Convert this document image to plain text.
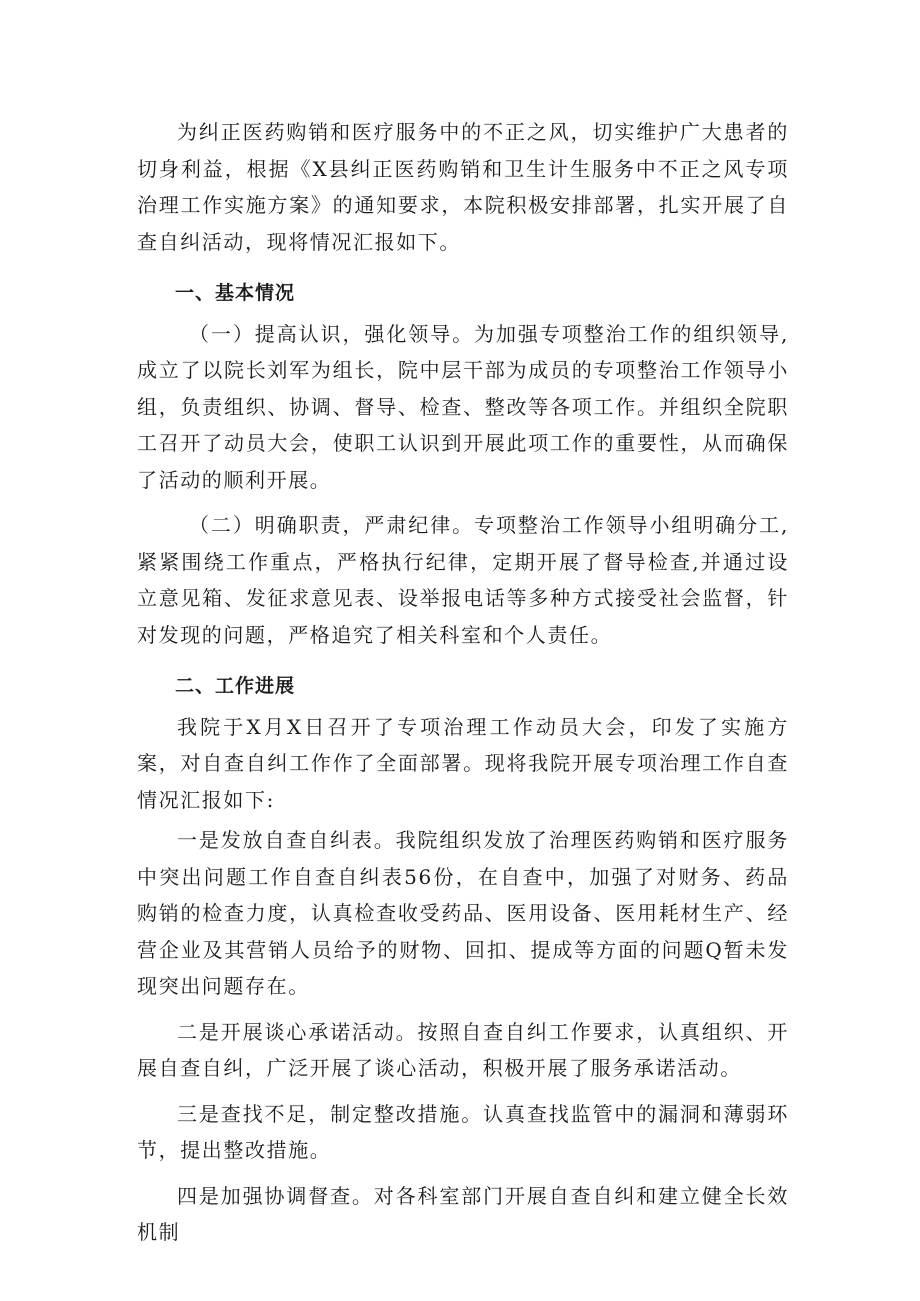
为纠正医药购销和医疗服务中的不正之风，切实维护广大患者的切身利益，根据《X县纠正医药购销和卫生计生服务中不正之风专项治理工作实施方案》的通知要求，本院积极安排部署，扎实开展了自查自纠活动，现将情况汇报如下。

一、基本情况

（一）提高认识，强化领导。为加强专项整治工作的组织领导,成立了以院长刘军为组长，院中层干部为成员的专项整治工作领导小组，负责组织、协调、督导、检查、整改等各项工作。并组织全院职工召开了动员大会，使职工认识到开展此项工作的重要性，从而确保了活动的顺利开展。

（二）明确职责，严肃纪律。专项整治工作领导小组明确分工,紧紧围绕工作重点，严格执行纪律，定期开展了督导检查,并通过设立意见箱、发征求意见表、设举报电话等多种方式接受社会监督，针对发现的问题，严格追究了相关科室和个人责任。

二、工作进展

我院于X月X日召开了专项治理工作动员大会，印发了实施方案，对自查自纠工作作了全面部署。现将我院开展专项治理工作自查情况汇报如下:

一是发放自查自纠表。我院组织发放了治理医药购销和医疗服务中突出问题工作自查自纠表56份，在自查中，加强了对财务、药品购销的检查力度，认真检查收受药品、医用设备、医用耗材生产、经营企业及其营销人员给予的财物、回扣、提成等方面的问题Q暂未发现突出问题存在。

二是开展谈心承诺活动。按照自查自纠工作要求，认真组织、开展自查自纠，广泛开展了谈心活动，积极开展了服务承诺活动。

三是查找不足，制定整改措施。认真查找监管中的漏洞和薄弱环节，提出整改措施。

四是加强协调督查。对各科室部门开展自查自纠和建立健全长效机制
